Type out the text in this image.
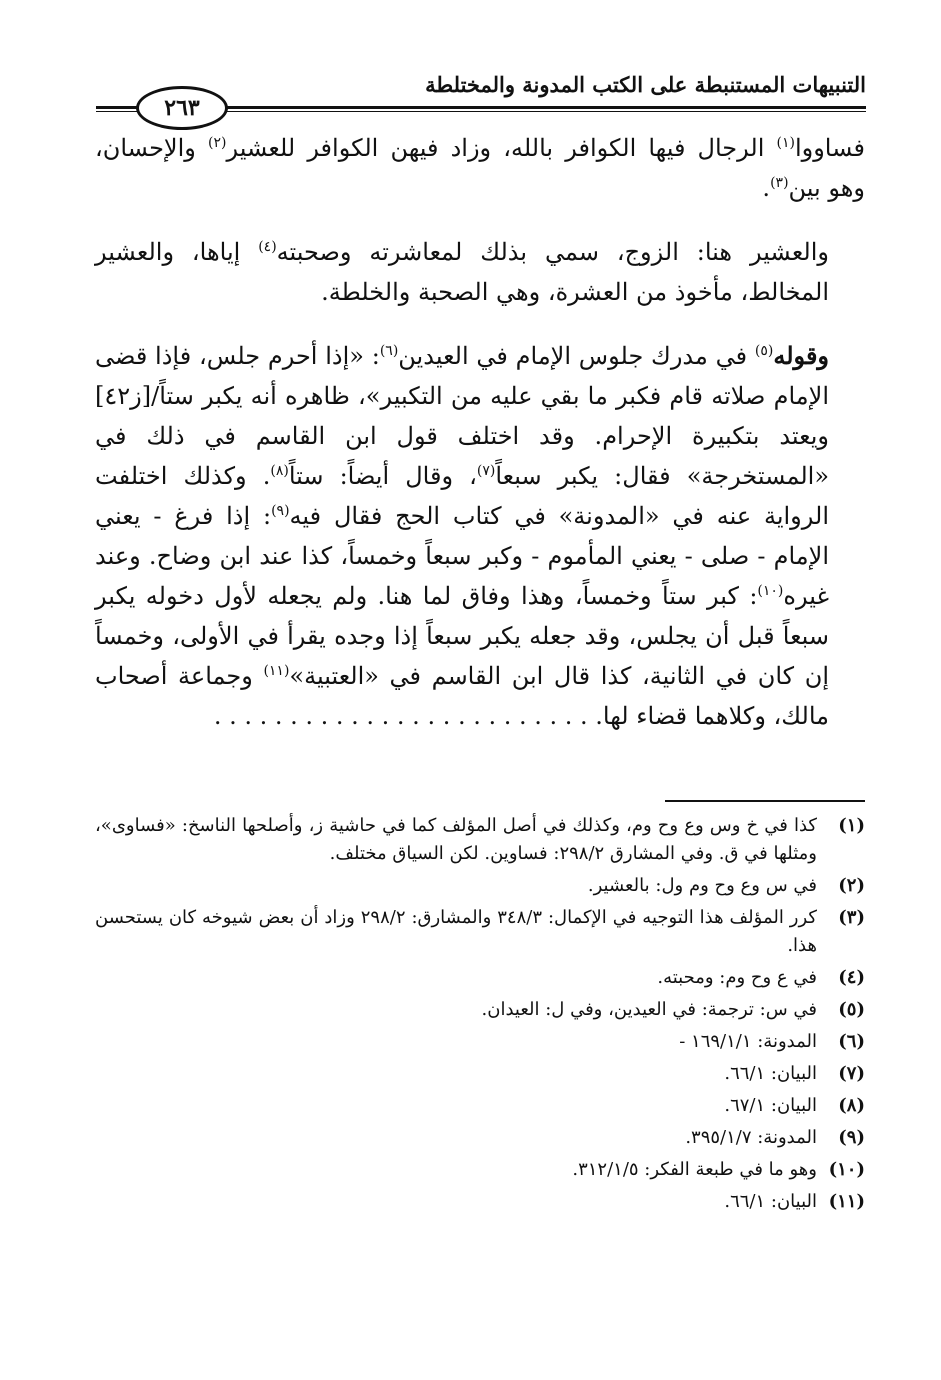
التنبيهات المستنبطة على الكتب المدونة والمختلطة
٢٦٣

فساووا$^{(١)}$ الرجال فيها الكوافر بالله، وزاد فيهن الكوافر للعشير$^{(٢)}$ والإحسان، وهو بين$^{(٣)}$.

والعشير هنا: الزوج، سمي بذلك لمعاشرته وصحبته$^{(٤)}$ إياها، والعشير المخالط، مأخوذ من العشرة، وهي الصحبة والخلطة.

وقوله$^{(٥)}$ في مدرك جلوس الإمام في العيدين$^{(٦)}$: «إذا أحرم جلس، فإذا قضى الإمام صلاته قام فكبر ما بقي عليه من التكبير»، ظاهره أنه يكبر ستاً/[ز٤٢] ويعتد بتكبيرة الإحرام. وقد اختلف قول ابن القاسم في ذلك في «المستخرجة» فقال: يكبر سبعاً$^{(٧)}$، وقال أيضاً: ستاً$^{(٨)}$. وكذلك اختلفت الرواية عنه في «المدونة» في كتاب الحج فقال فيه$^{(٩)}$: إذا فرغ - يعني الإمام - صلى - يعني المأموم - وكبر سبعاً وخمساً، كذا عند ابن وضاح. وعند غيره$^{(١٠)}$: كبر ستاً وخمساً، وهذا وفاق لما هنا. ولم يجعله لأول دخوله يكبر سبعاً قبل أن يجلس، وقد جعله يكبر سبعاً إذا وجده يقرأ في الأولى، وخمساً إن كان في الثانية، كذا قال ابن القاسم في «العتبية»$^{(١١)}$ وجماعة أصحاب مالك، وكلاهما قضاء لها. . . . . . . . . . . . . . . . . . . . . . . . . .

(١)
كذا في خ وس وع وح وم، وكذلك في أصل المؤلف كما في حاشية ز، وأصلحها الناسخ: «فساوى»، ومثلها في ق. وفي المشارق ٢٩٨/٢: فساوين. لكن السياق مختلف.
(٢)
في س وع وح وم ول: بالعشير.
(٣)
كرر المؤلف هذا التوجيه في الإكمال: ٣٤٨/٣ والمشارق: ٢٩٨/٢ وزاد أن بعض شيوخه كان يستحسن هذا.
(٤)
في ع وح وم: ومحبته.
(٥)
في س: ترجمة: في العيدين، وفي ل: العيدان.
(٦)
المدونة: ١٦٩/١/١ -
(٧)
البيان: ٦٦/١.
(٨)
البيان: ٦٧/١.
(٩)
المدونة: ٣٩٥/١/٧.
(١٠)
وهو ما في طبعة الفكر: ٣١٢/١/٥.
(١١)
البيان: ٦٦/١.
